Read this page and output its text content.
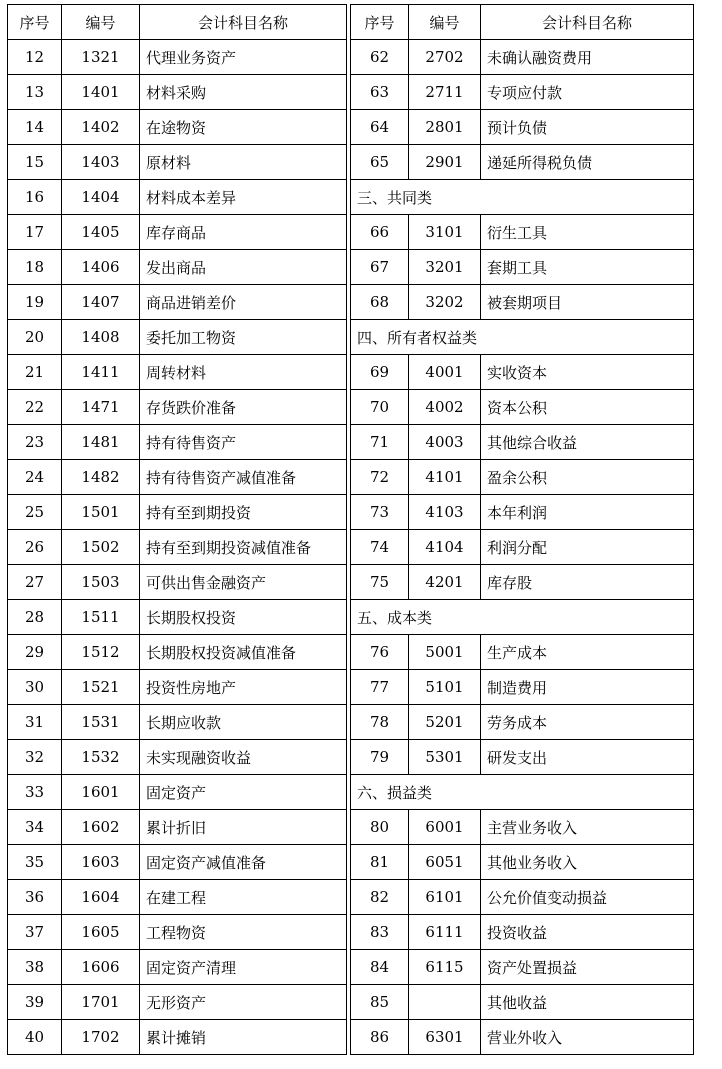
序号	编号	会计科目名称
12	1321	代理业务资产
13	1401	材料采购
14	1402	在途物资
15	1403	原材料
16	1404	材料成本差异
17	1405	库存商品
18	1406	发出商品
19	1407	商品进销差价
20	1408	委托加工物资
21	1411	周转材料
22	1471	存货跌价准备
23	1481	持有待售资产
24	1482	持有待售资产减值准备
25	1501	持有至到期投资
26	1502	持有至到期投资减值准备
27	1503	可供出售金融资产
28	1511	长期股权投资
29	1512	长期股权投资减值准备
30	1521	投资性房地产
31	1531	长期应收款
32	1532	未实现融资收益
33	1601	固定资产
34	1602	累计折旧
35	1603	固定资产减值准备
36	1604	在建工程
37	1605	工程物资
38	1606	固定资产清理
39	1701	无形资产
40	1702	累计摊销
序号	编号	会计科目名称
62	2702	未确认融资费用
63	2711	专项应付款
64	2801	预计负债
65	2901	递延所得税负债
三、共同类		
66	3101	衍生工具
67	3201	套期工具
68	3202	被套期项目
四、所有者权益类		
69	4001	实收资本
70	4002	资本公积
71	4003	其他综合收益
72	4101	盈余公积
73	4103	本年利润
74	4104	利润分配
75	4201	库存股
五、成本类		
76	5001	生产成本
77	5101	制造费用
78	5201	劳务成本
79	5301	研发支出
六、损益类		
80	6001	主营业务收入
81	6051	其他业务收入
82	6101	公允价值变动损益
83	6111	投资收益
84	6115	资产处置损益
85		其他收益
86	6301	营业外收入
